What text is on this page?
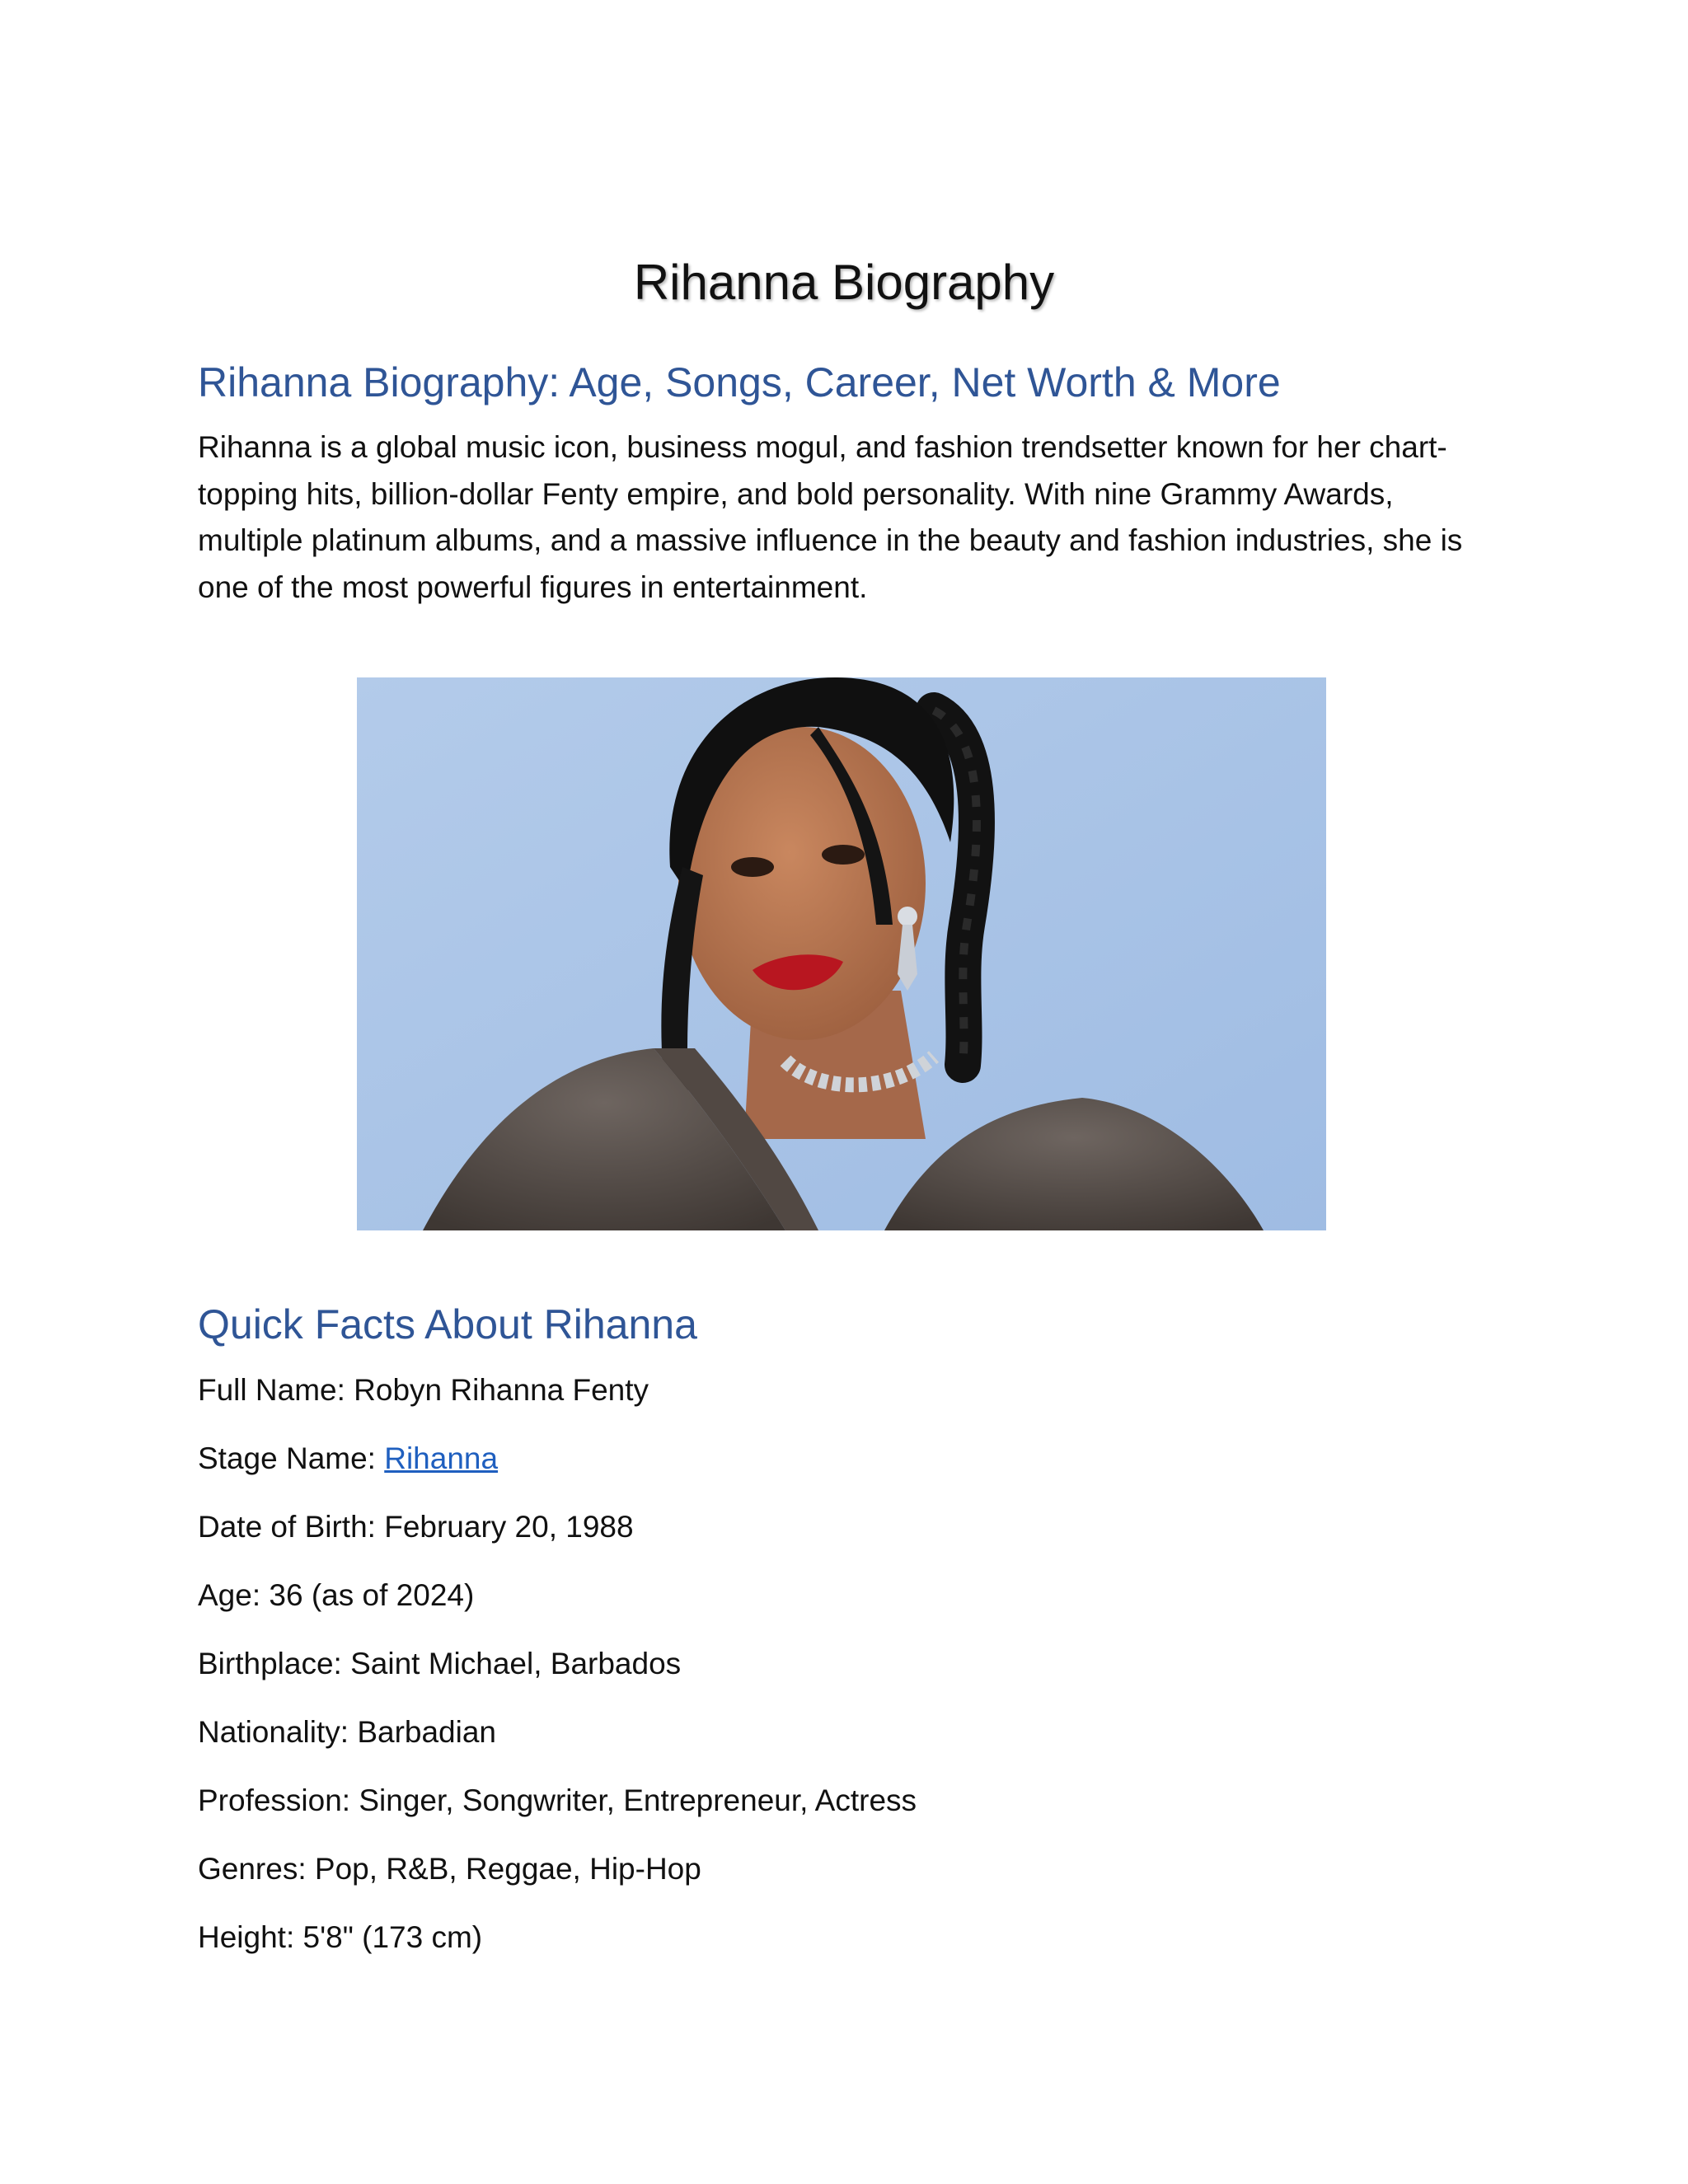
Rihanna Biography
Rihanna Biography: Age, Songs, Career, Net Worth & More

Rihanna is a global music icon, business mogul, and fashion trendsetter known for her chart-topping hits, billion-dollar Fenty empire, and bold personality. With nine Grammy Awards, multiple platinum albums, and a massive influence in the beauty and fashion industries, she is one of the most powerful figures in entertainment.

Quick Facts About Rihanna

Full Name: Robyn Rihanna Fenty

Stage Name: Rihanna

Date of Birth: February 20, 1988

Age: 36 (as of 2024)

Birthplace: Saint Michael, Barbados

Nationality: Barbadian

Profession: Singer, Songwriter, Entrepreneur, Actress

Genres: Pop, R&B, Reggae, Hip-Hop

Height: 5'8" (173 cm)
